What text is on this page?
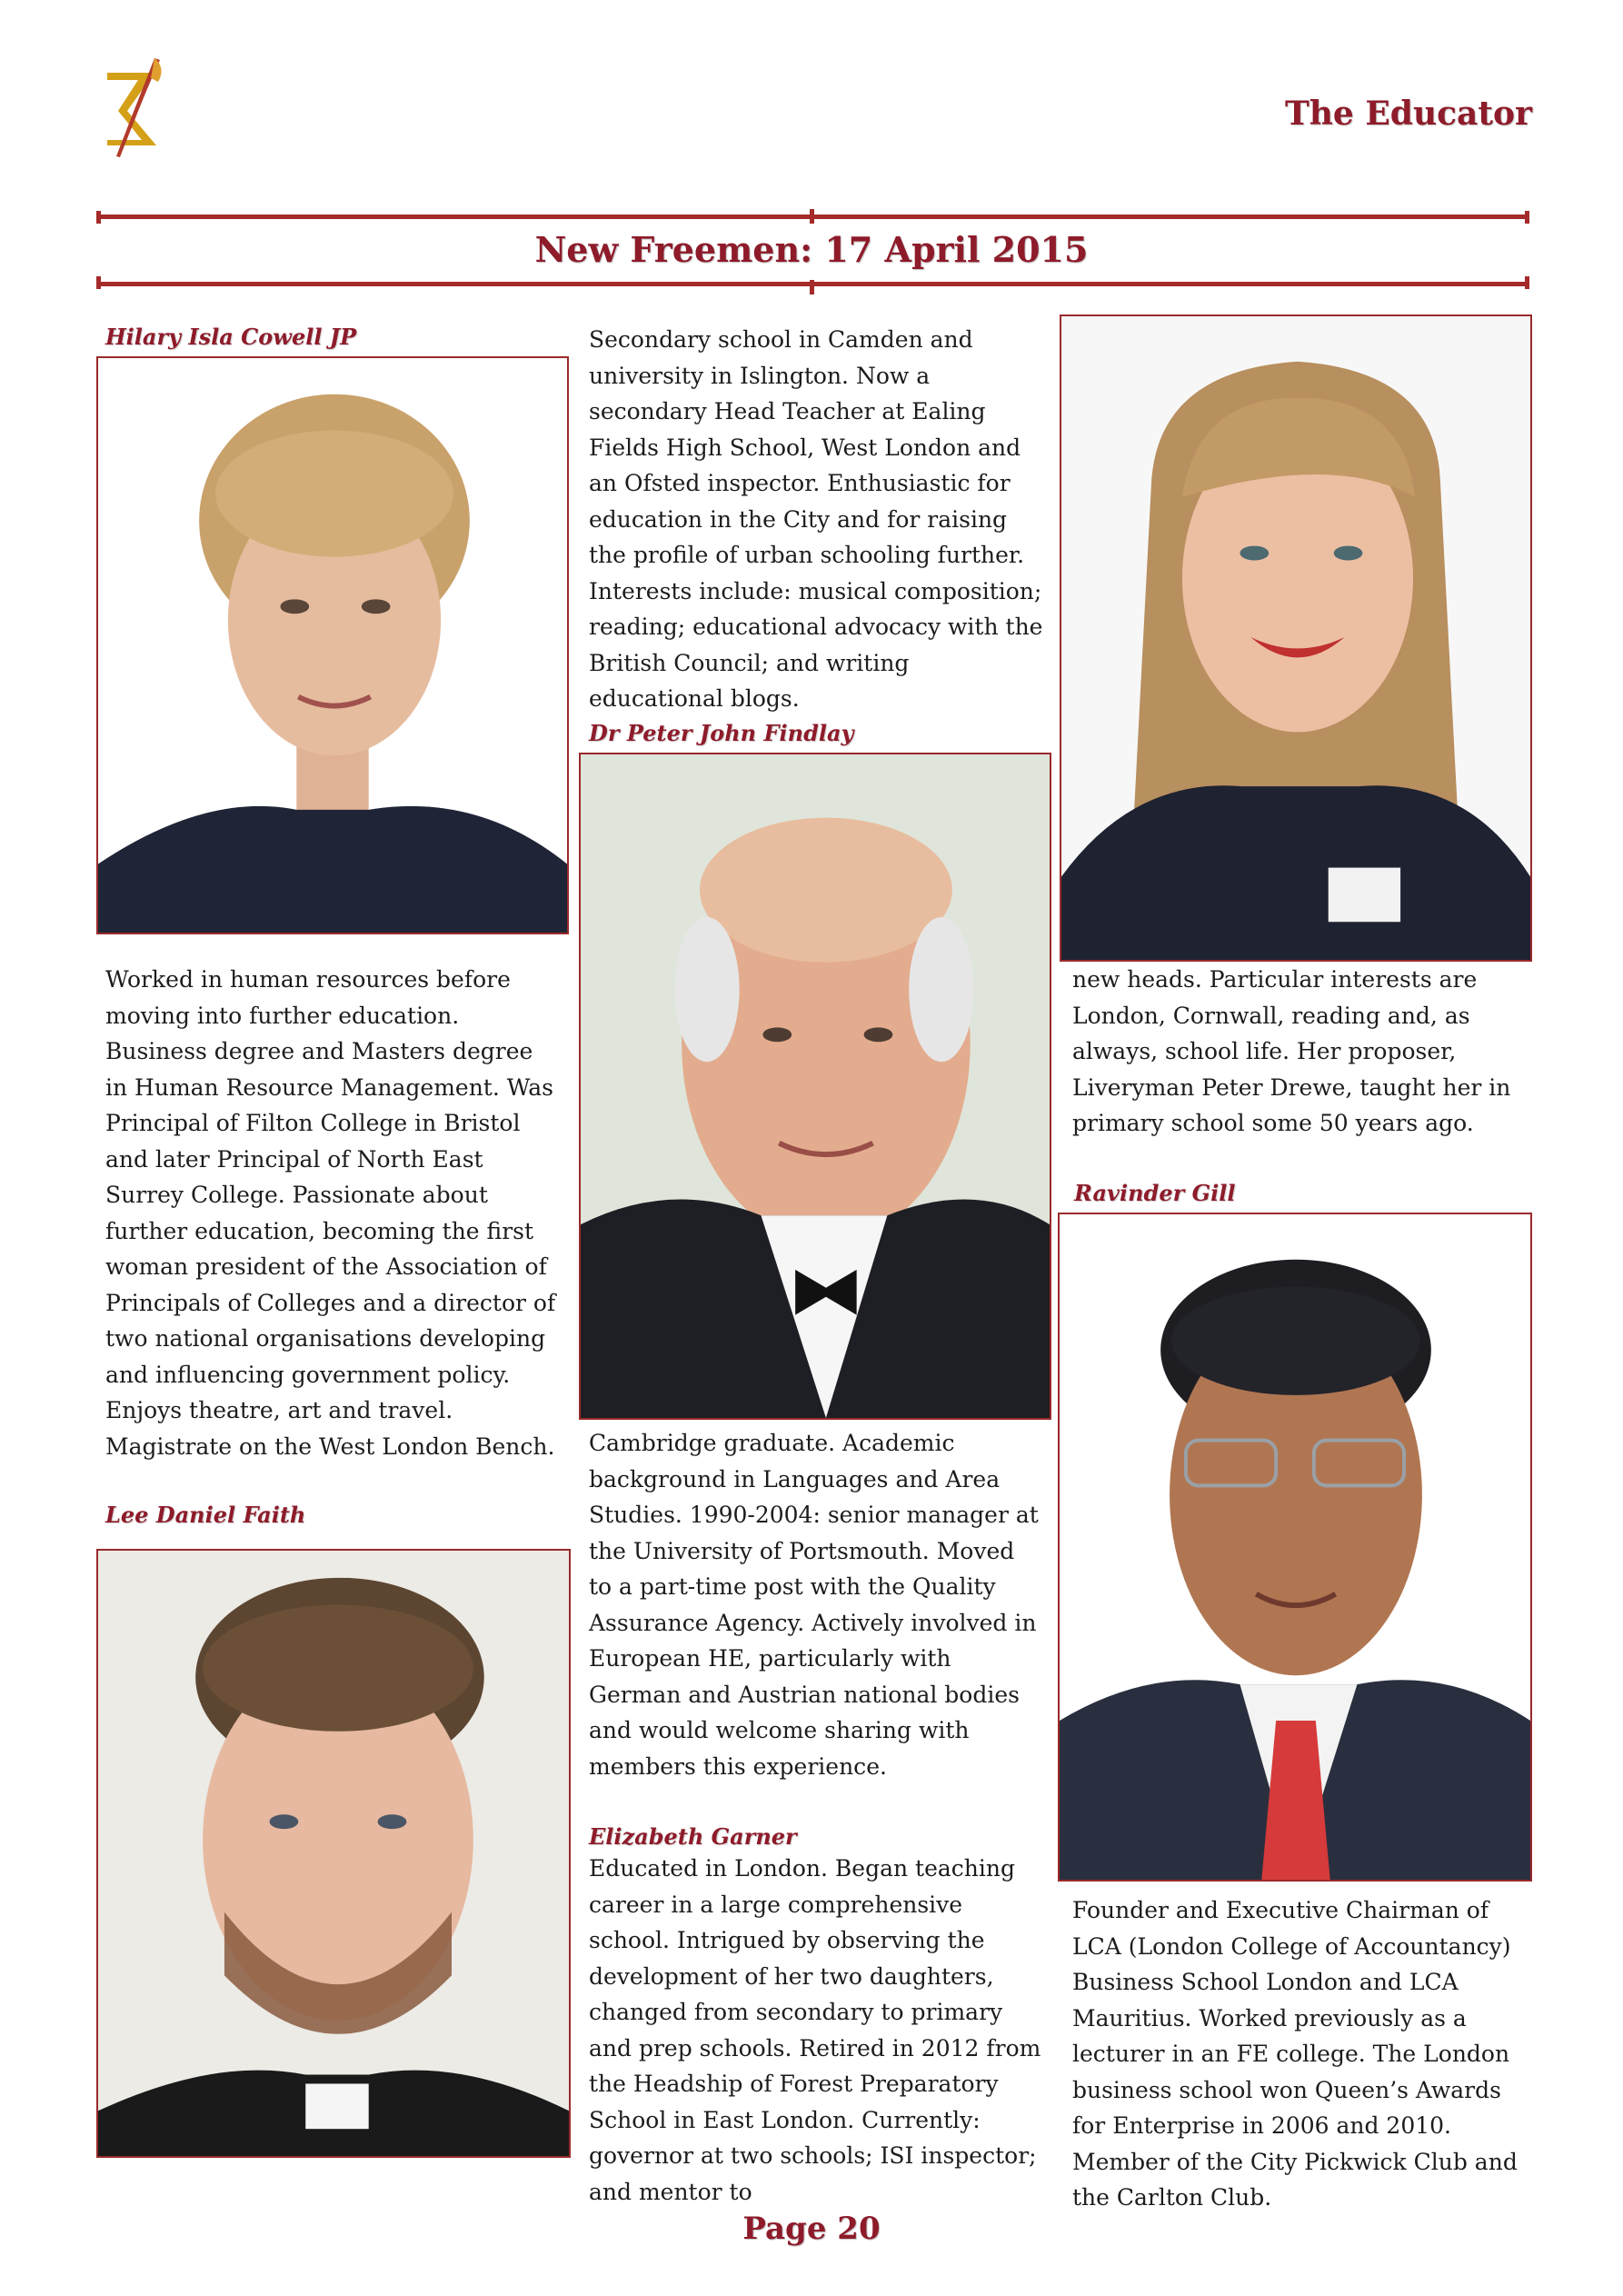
The Educator
New Freemen: 17 April 2015
Hilary Isla Cowell JP
Worked in human resources before moving into further education. Business degree and Masters degree in Human Resource Management. Was Principal of Filton College in Bristol and later Principal of North East Surrey College. Passionate about further education, becoming the first woman president of the Association of Principals of Colleges and a director of two national organisations developing and influencing government policy. Enjoys theatre, art and travel. Magistrate on the West London Bench.
Lee Daniel Faith
Secondary school in Camden and university in Islington. Now a secondary Head Teacher at Ealing Fields High School, West London and an Ofsted inspector. Enthusiastic for education in the City and for raising the profile of urban schooling further. Interests include: musical composition; reading; educational advocacy with the British Council; and writing educational blogs.
Dr Peter John Findlay
Cambridge graduate. Academic background in Languages and Area Studies. 1990-2004: senior manager at the University of Portsmouth. Moved to a part-time post with the Quality Assurance Agency. Actively involved in European HE, particularly with German and Austrian national bodies and would welcome sharing with members this experience.
Elizabeth Garner
Educated in London. Began teaching career in a large comprehensive school. Intrigued by observing the development of her two daughters, changed from secondary to primary and prep schools. Retired in 2012 from the Headship of Forest Preparatory School in East London. Currently: governor at two schools; ISI inspector; and mentor to
new heads. Particular interests are London, Cornwall, reading and, as always, school life. Her proposer, Liveryman Peter Drewe, taught her in primary school some 50 years ago.
Ravinder Gill
Founder and Executive Chairman of LCA (London College of Accountancy) Business School London and LCA Mauritius. Worked previously as a lecturer in an FE college. The London business school won Queen’s Awards for Enterprise in 2006 and 2010. Member of the City Pickwick Club and the Carlton Club.
Page 20
